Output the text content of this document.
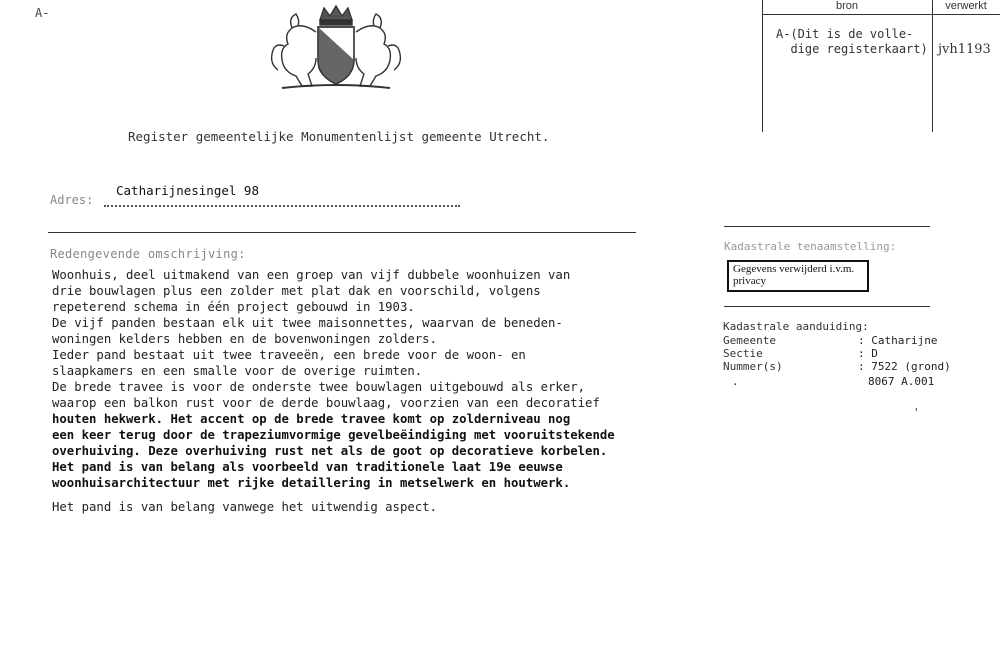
A-
Register gemeentelijke Monumentenlijst gemeente Utrecht.
Catharijnesingel 98
Adres:
Redengevende omschrijving:
Woonhuis, deel uitmakend van een groep van vijf dubbele woonhuizen van
drie bouwlagen plus een zolder met plat dak en voorschild, volgens
repeterend schema in één project gebouwd in 1903.
De vijf panden bestaan elk uit twee maisonnettes, waarvan de beneden-
woningen kelders hebben en de bovenwoningen zolders.
Ieder pand bestaat uit twee traveeën, een brede voor de woon- en
slaapkamers en een smalle voor de overige ruimten.
De brede travee is voor de onderste twee bouwlagen uitgebouwd als erker,
waarop een balkon rust voor de derde bouwlaag, voorzien van een decoratief
houten hekwerk. Het accent op de brede travee komt op zolderniveau nog
een keer terug door de trapeziumvormige gevelbeëindiging met vooruitstekende
overhuiving. Deze overhuiving rust net als de goot op decoratieve korbelen.
Het pand is van belang als voorbeeld van traditionele laat 19e eeuwse
woonhuisarchitectuur met rijke detaillering in metselwerk en houtwerk.
Het pand is van belang vanwege het uitwendig aspect.
bron	verwerkt
A-(Dit is de volle-
dige registerkaart) jvh1193
Kadastrale tenaamstelling:
Gegevens verwijderd i.v.m. privacy
Kadastrale aanduiding:
Gemeente	: Catharijne
Sectie	: D
Nummer(s)	: 7522 (grond)
8067 A.001
.
'
